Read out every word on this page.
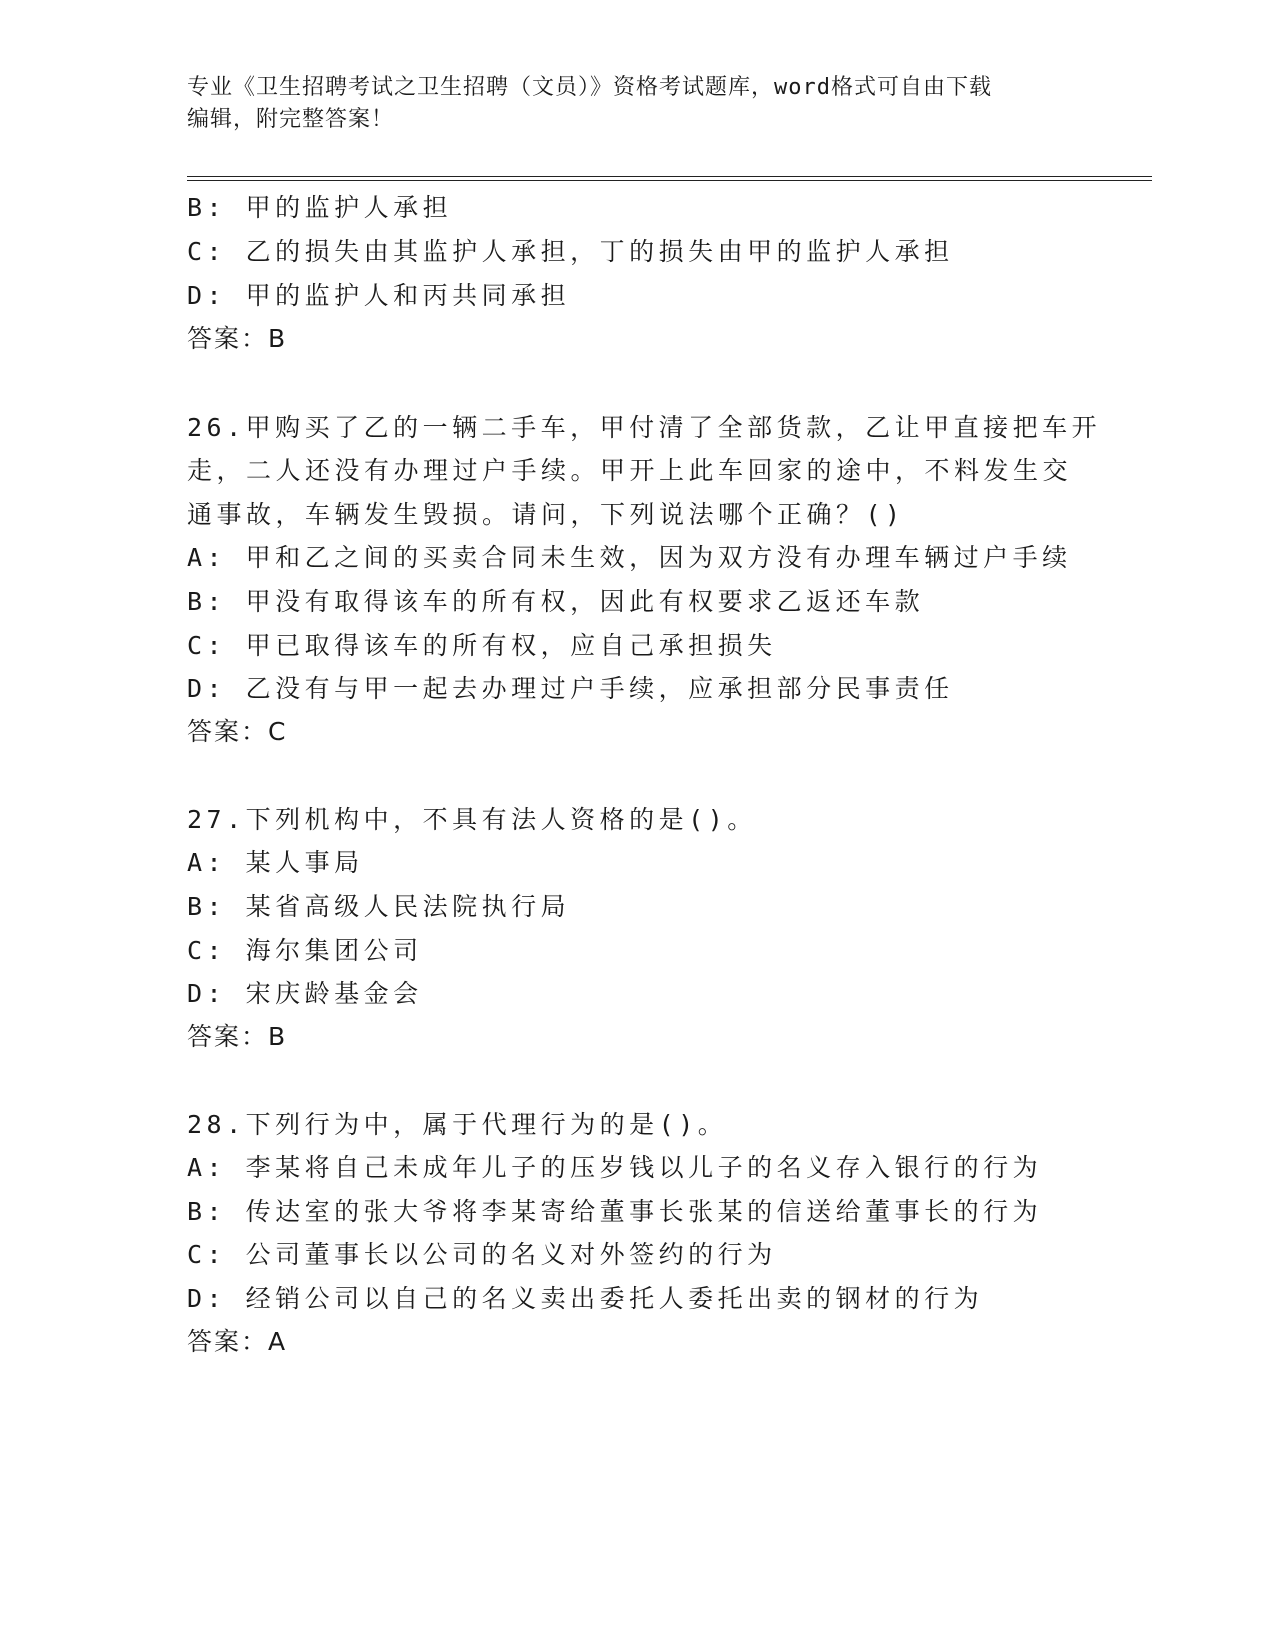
专业《卫生招聘考试之卫生招聘（文员）》资格考试题库，word格式可自由下载
编辑，附完整答案！
B: 甲的监护人承担
C: 乙的损失由其监护人承担，丁的损失由甲的监护人承担
D: 甲的监护人和丙共同承担
答案：B
26.甲购买了乙的一辆二手车，甲付清了全部货款，乙让甲直接把车开
走，二人还没有办理过户手续。甲开上此车回家的途中，不料发生交
通事故，车辆发生毁损。请问，下列说法哪个正确？()
A: 甲和乙之间的买卖合同未生效，因为双方没有办理车辆过户手续
B: 甲没有取得该车的所有权，因此有权要求乙返还车款
C: 甲已取得该车的所有权，应自己承担损失
D: 乙没有与甲一起去办理过户手续，应承担部分民事责任
答案：C
27.下列机构中，不具有法人资格的是()。
A: 某人事局
B: 某省高级人民法院执行局
C: 海尔集团公司
D: 宋庆龄基金会
答案：B
28.下列行为中，属于代理行为的是()。
A: 李某将自己未成年儿子的压岁钱以儿子的名义存入银行的行为
B: 传达室的张大爷将李某寄给董事长张某的信送给董事长的行为
C: 公司董事长以公司的名义对外签约的行为
D: 经销公司以自己的名义卖出委托人委托出卖的钢材的行为
答案：A
